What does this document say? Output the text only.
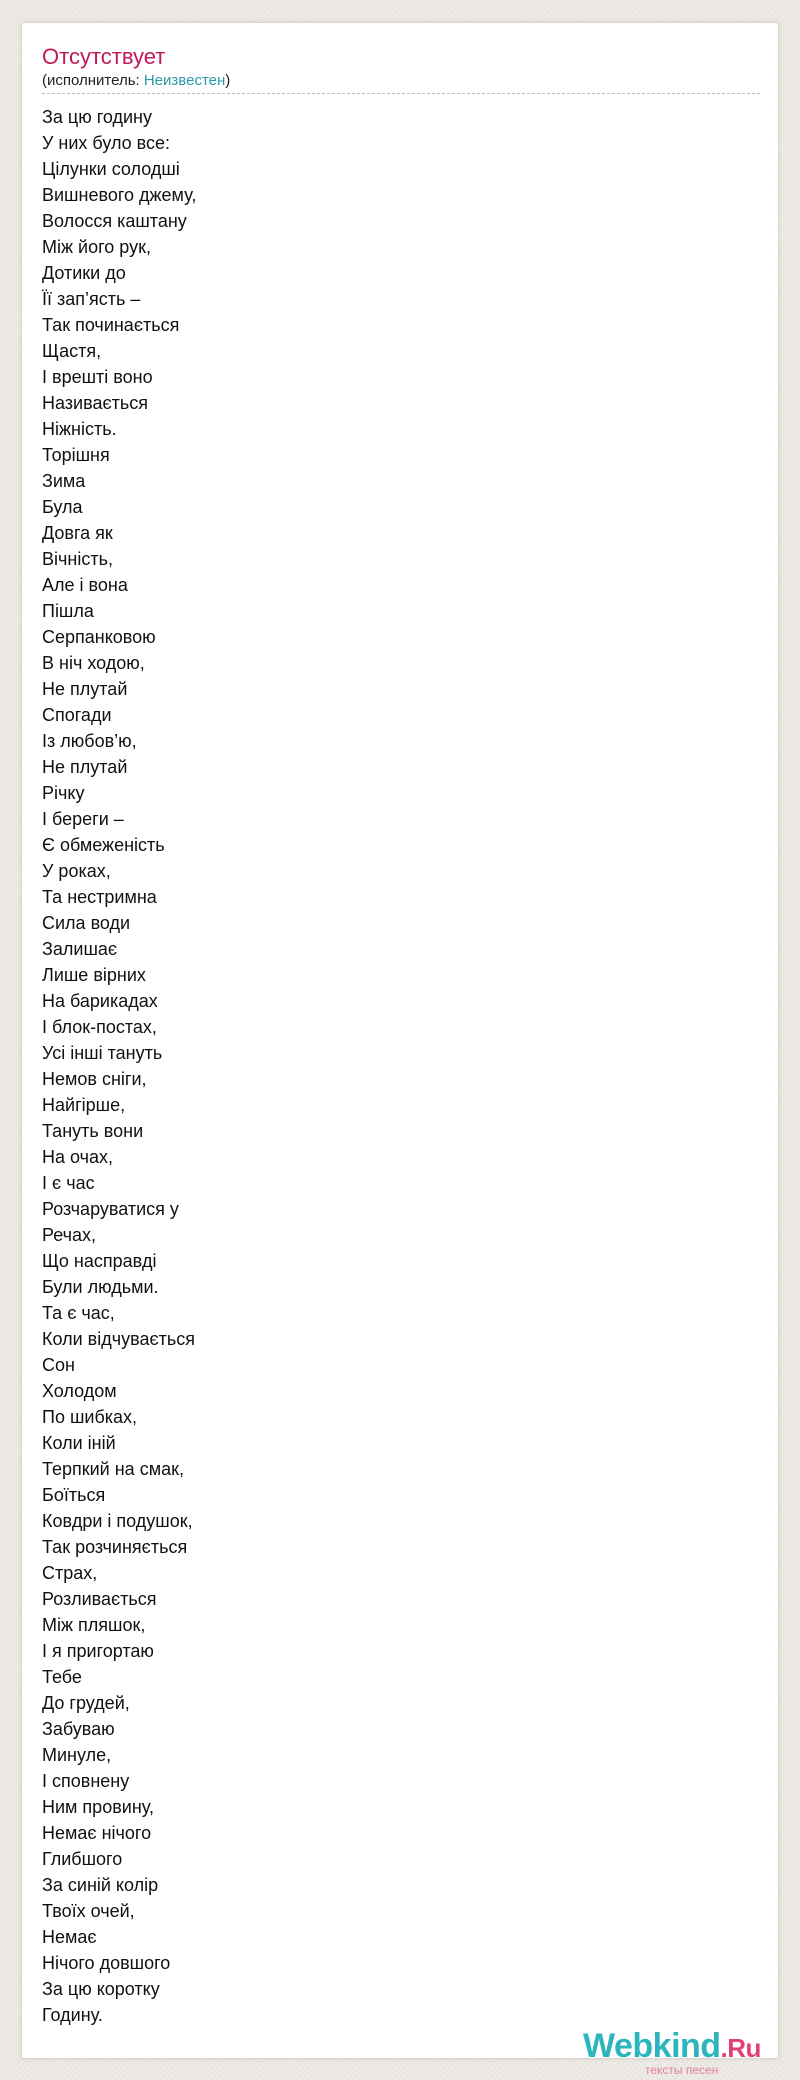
Отсутствует
(исполнитель: Неизвестен)
За цю годину
У них було все:
Цілунки солодші
Вишневого джему,
Волосся каштану
Між його рук,
Дотики до
Її зап’ясть –
Так починається
Щастя,
І врешті воно
Називається
Ніжність.
Торішня
Зима
Була
Довга як
Вічність,
Але і вона
Пішла
Серпанковою
В ніч ходою,
Не плутай
Спогади
Із любов’ю,
Не плутай
Річку
І береги –
Є обмеженість
У роках,
Та нестримна
Сила води
Залишає
Лише вірних
На барикадах
І блок-постах,
Усі інші тануть
Немов сніги,
Найгірше,
Тануть вони
На очах,
І є час
Розчаруватися у
Речах,
Що насправді
Були людьми.
Та є час,
Коли відчувається
Сон
Холодом
По шибках,
Коли іній
Терпкий на смак,
Боїться
Ковдри і подушок,
Так розчиняється
Страх,
Розливається
Між пляшок,
І я пригортаю
Тебе
До грудей,
Забуваю
Минуле,
І сповнену
Ним провину,
Немає нічого
Глибшого
За синій колір
Твоїх очей,
Немає
Нічого довшого
За цю коротку
Годину.
Webkind.Ru
тексты песен
